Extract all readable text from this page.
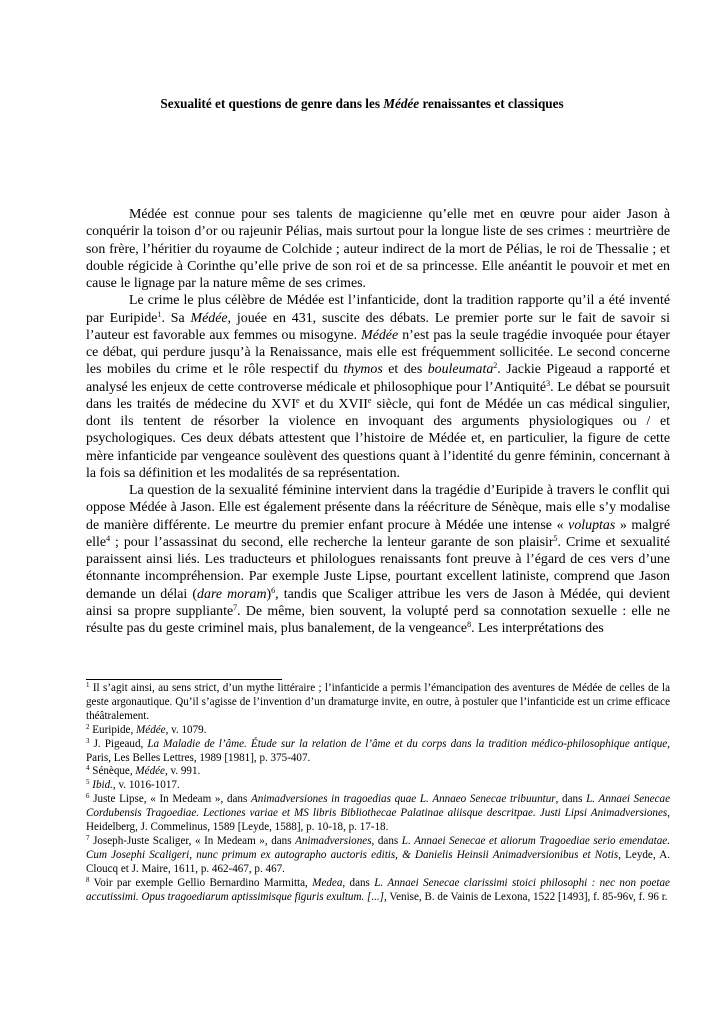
Sexualité et questions de genre dans les Médée renaissantes et classiques

Médée est connue pour ses talents de magicienne qu’elle met en œuvre pour aider Jason à conquérir la toison d’or ou rajeunir Pélias, mais surtout pour la longue liste de ses crimes : meurtrière de son frère, l’héritier du royaume de Colchide ; auteur indirect de la mort de Pélias, le roi de Thessalie ; et double régicide à Corinthe qu’elle prive de son roi et de sa princesse. Elle anéantit le pouvoir et met en cause le lignage par la nature même de ses crimes.

Le crime le plus célèbre de Médée est l’infanticide, dont la tradition rapporte qu’il a été inventé par Euripide$^1$. Sa Médée, jouée en 431, suscite des débats. Le premier porte sur le fait de savoir si l’auteur est favorable aux femmes ou misogyne. Médée n’est pas la seule tragédie invoquée pour étayer ce débat, qui perdure jusqu’à la Renaissance, mais elle est fréquemment sollicitée. Le second concerne les mobiles du crime et le rôle respectif du thymos et des bouleumata$^2$. Jackie Pigeaud a rapporté et analysé les enjeux de cette controverse médicale et philosophique pour l’Antiquité$^3$. Le débat se poursuit dans les traités de médecine du XVIe et du XVIIe siècle, qui font de Médée un cas médical singulier, dont ils tentent de résorber la violence en invoquant des arguments physiologiques ou / et psychologiques. Ces deux débats attestent que l’histoire de Médée et, en particulier, la figure de cette mère infanticide par vengeance soulèvent des questions quant à l’identité du genre féminin, concernant à la fois sa définition et les modalités de sa représentation.

La question de la sexualité féminine intervient dans la tragédie d’Euripide à travers le conflit qui oppose Médée à Jason. Elle est également présente dans la réécriture de Sénèque, mais elle s’y modalise de manière différente. Le meurtre du premier enfant procure à Médée une intense « voluptas » malgré elle$^4$ ; pour l’assassinat du second, elle recherche la lenteur garante de son plaisir$^5$. Crime et sexualité paraissent ainsi liés. Les traducteurs et philologues renaissants font preuve à l’égard de ces vers d’une étonnante incompréhension. Par exemple Juste Lipse, pourtant excellent latiniste, comprend que Jason demande un délai (dare moram)$^6$, tandis que Scaliger attribue les vers de Jason à Médée, qui devient ainsi sa propre suppliante$^7$. De même, bien souvent, la volupté perd sa connotation sexuelle : elle ne résulte pas du geste criminel mais, plus banalement, de la vengeance$^8$. Les interprétations des

$^1$ Il s’agit ainsi, au sens strict, d’un mythe littéraire ; l’infanticide a permis l’émancipation des aventures de Médée de celles de la geste argonautique. Qu’il s’agisse de l’invention d’un dramaturge invite, en outre, à postuler que l’infanticide est un crime efficace théâtralement.

$^2$ Euripide, Médée, v. 1079.

$^3$ J. Pigeaud, La Maladie de l’âme. Étude sur la relation de l’âme et du corps dans la tradition médico-philosophique antique, Paris, Les Belles Lettres, 1989 [1981], p. 375-407.

$^4$ Sénèque, Médée, v. 991.

$^5$ Ibid., v. 1016-1017.

$^6$ Juste Lipse, « In Medeam », dans Animadversiones in tragoedias quae L. Annaeo Senecae tribuuntur, dans L. Annaei Senecae Cordubensis Tragoediae. Lectiones variae et MS libris Bibliothecae Palatinae aliisque descritpae. Justi Lipsi Animadversiones, Heidelberg, J. Commelinus, 1589 [Leyde, 1588], p. 10-18, p. 17-18.

$^7$ Joseph-Juste Scaliger, « In Medeam », dans Animadversiones, dans L. Annaei Senecae et aliorum Tragoediae serio emendatae. Cum Josephi Scaligeri, nunc primum ex autographo auctoris editis, & Danielis Heinsii Animadversionibus et Notis, Leyde, A. Cloucq et J. Maire, 1611, p. 462-467, p. 467.

$^8$ Voir par exemple Gellio Bernardino Marmitta, Medea, dans L. Annaei Senecae clarissimi stoici philosophi : nec non poetae accutissimi. Opus tragoediarum aptissimisque figuris exultum. [...], Venise, B. de Vainis de Lexona, 1522 [1493], f. 85-96v, f. 96 r.
